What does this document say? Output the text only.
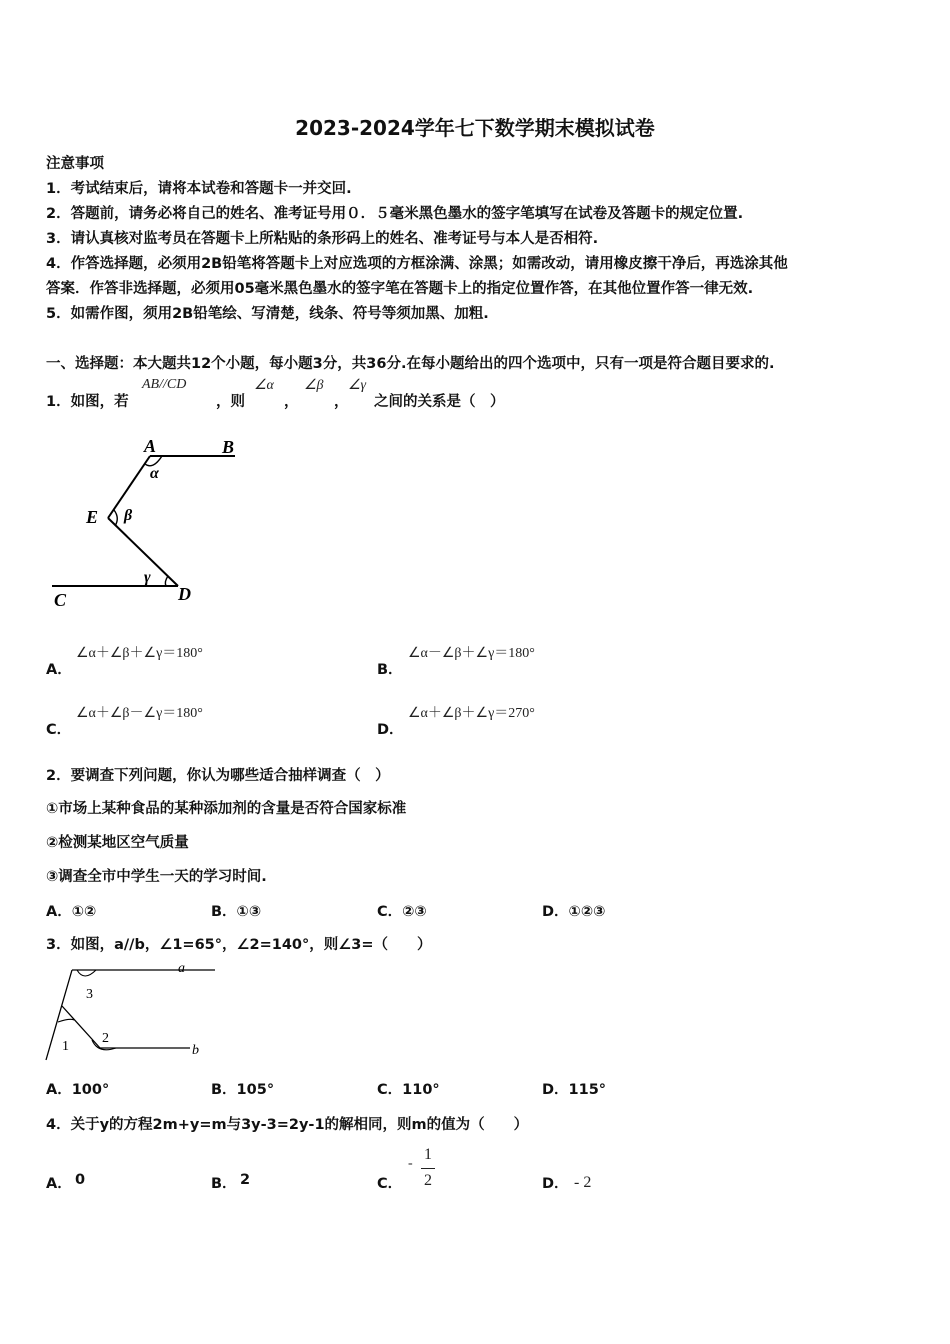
2023-2024学年七下数学期末模拟试卷
注意事项
1．考试结束后，请将本试卷和答题卡一并交回.
2．答题前，请务必将自己的姓名、准考证号用０．５毫米黑色墨水的签字笔填写在试卷及答题卡的规定位置.
3．请认真核对监考员在答题卡上所粘贴的条形码上的姓名、准考证号与本人是否相符.
4．作答选择题，必须用2B铅笔将答题卡上对应选项的方框涂满、涂黑；如需改动，请用橡皮擦干净后，再选涂其他
答案．作答非选择题，必须用05毫米黑色墨水的签字笔在答题卡上的指定位置作答，在其他位置作答一律无效.
5．如需作图，须用2B铅笔绘、写清楚，线条、符号等须加黑、加粗.
一、选择题：本大题共12个小题，每小题3分，共36分.在每小题给出的四个选项中，只有一项是符合题目要求的.
1．如图，若
AB//CD
，则
∠α
，
∠β
，
∠γ
之间的关系是（　）
A	B
E
D
C
α
β
γ
A．
∠α＋∠β＋∠γ＝180°
B．
∠α－∠β＋∠γ＝180°
C．
∠α＋∠β－∠γ＝180°
D．
∠α＋∠β＋∠γ＝270°
2．要调查下列问题，你认为哪些适合抽样调查（　）
①市场上某种食品的某种添加剂的含量是否符合国家标准
②检测某地区空气质量
③调查全市中学生一天的学习时间.
A．①②	B．①③	C．②③	D．①②③
3．如图，a//b，∠1=65°，∠2=140°，则∠3=（　　）
a
b
3
1
2
A．100°	B．105°	C．110°	D．115°
4．关于y的方程2m+y=m与3y-3=2y-1的解相同，则m的值为（　　）
A． 0	B． 2	C．
-
1
2	D． - 2
